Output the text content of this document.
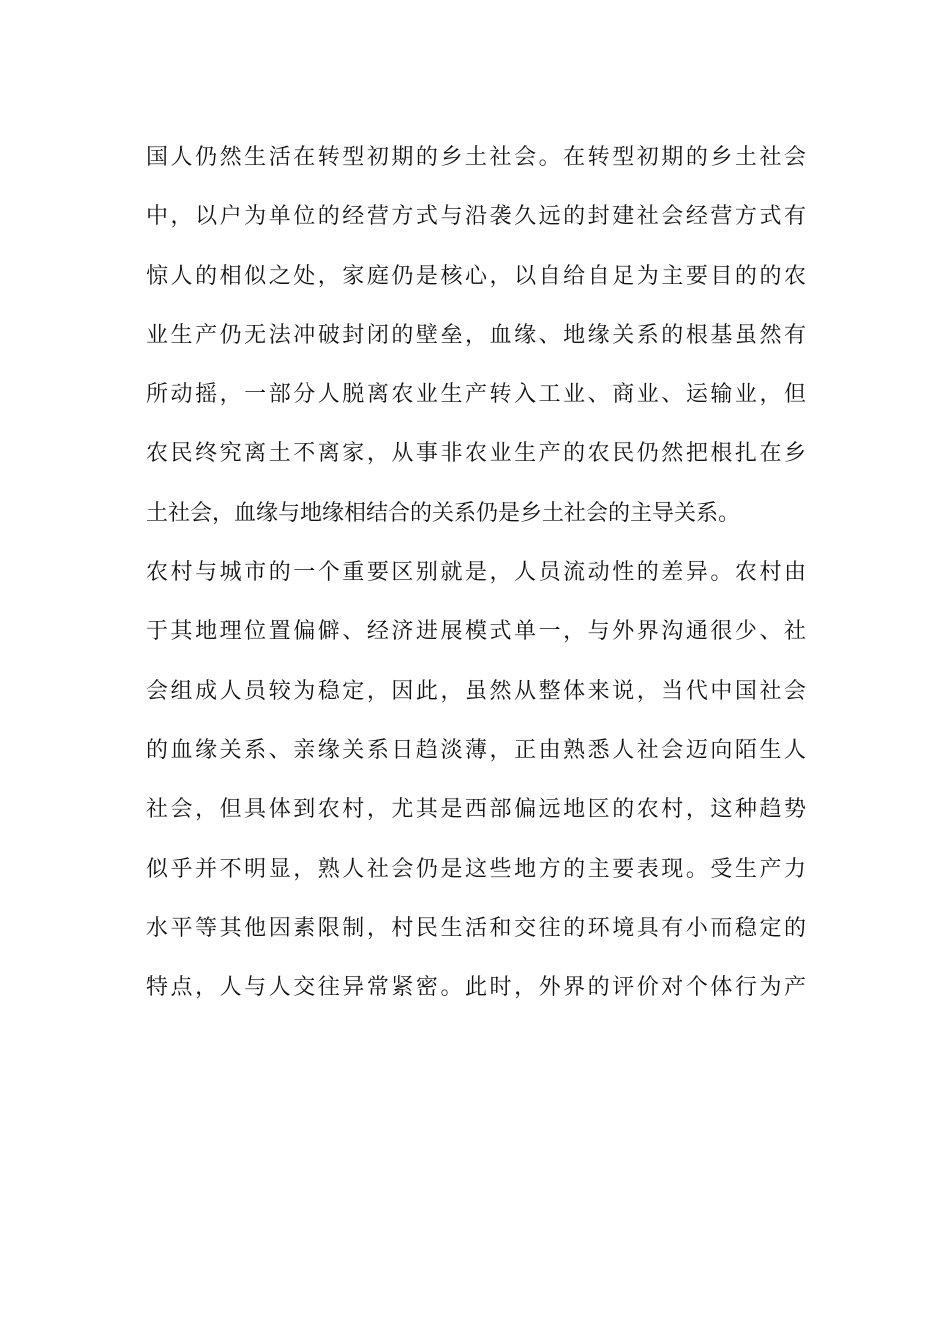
国人仍然生活在转型初期的乡土社会。在转型初期的乡土社会
中，以户为单位的经营方式与沿袭久远的封建社会经营方式有
惊人的相似之处，家庭仍是核心，以自给自足为主要目的的农
业生产仍无法冲破封闭的壁垒，血缘、地缘关系的根基虽然有
所动摇，一部分人脱离农业生产转入工业、商业、运输业，但
农民终究离土不离家，从事非农业生产的农民仍然把根扎在乡
土社会，血缘与地缘相结合的关系仍是乡土社会的主导关系。
农村与城市的一个重要区别就是，人员流动性的差异。农村由
于其地理位置偏僻、经济进展模式单一，与外界沟通很少、社
会组成人员较为稳定，因此，虽然从整体来说，当代中国社会
的血缘关系、亲缘关系日趋淡薄，正由熟悉人社会迈向陌生人
社会，但具体到农村，尤其是西部偏远地区的农村，这种趋势
似乎并不明显，熟人社会仍是这些地方的主要表现。受生产力
水平等其他因素限制，村民生活和交往的环境具有小而稳定的
特点，人与人交往异常紧密。此时，外界的评价对个体行为产
